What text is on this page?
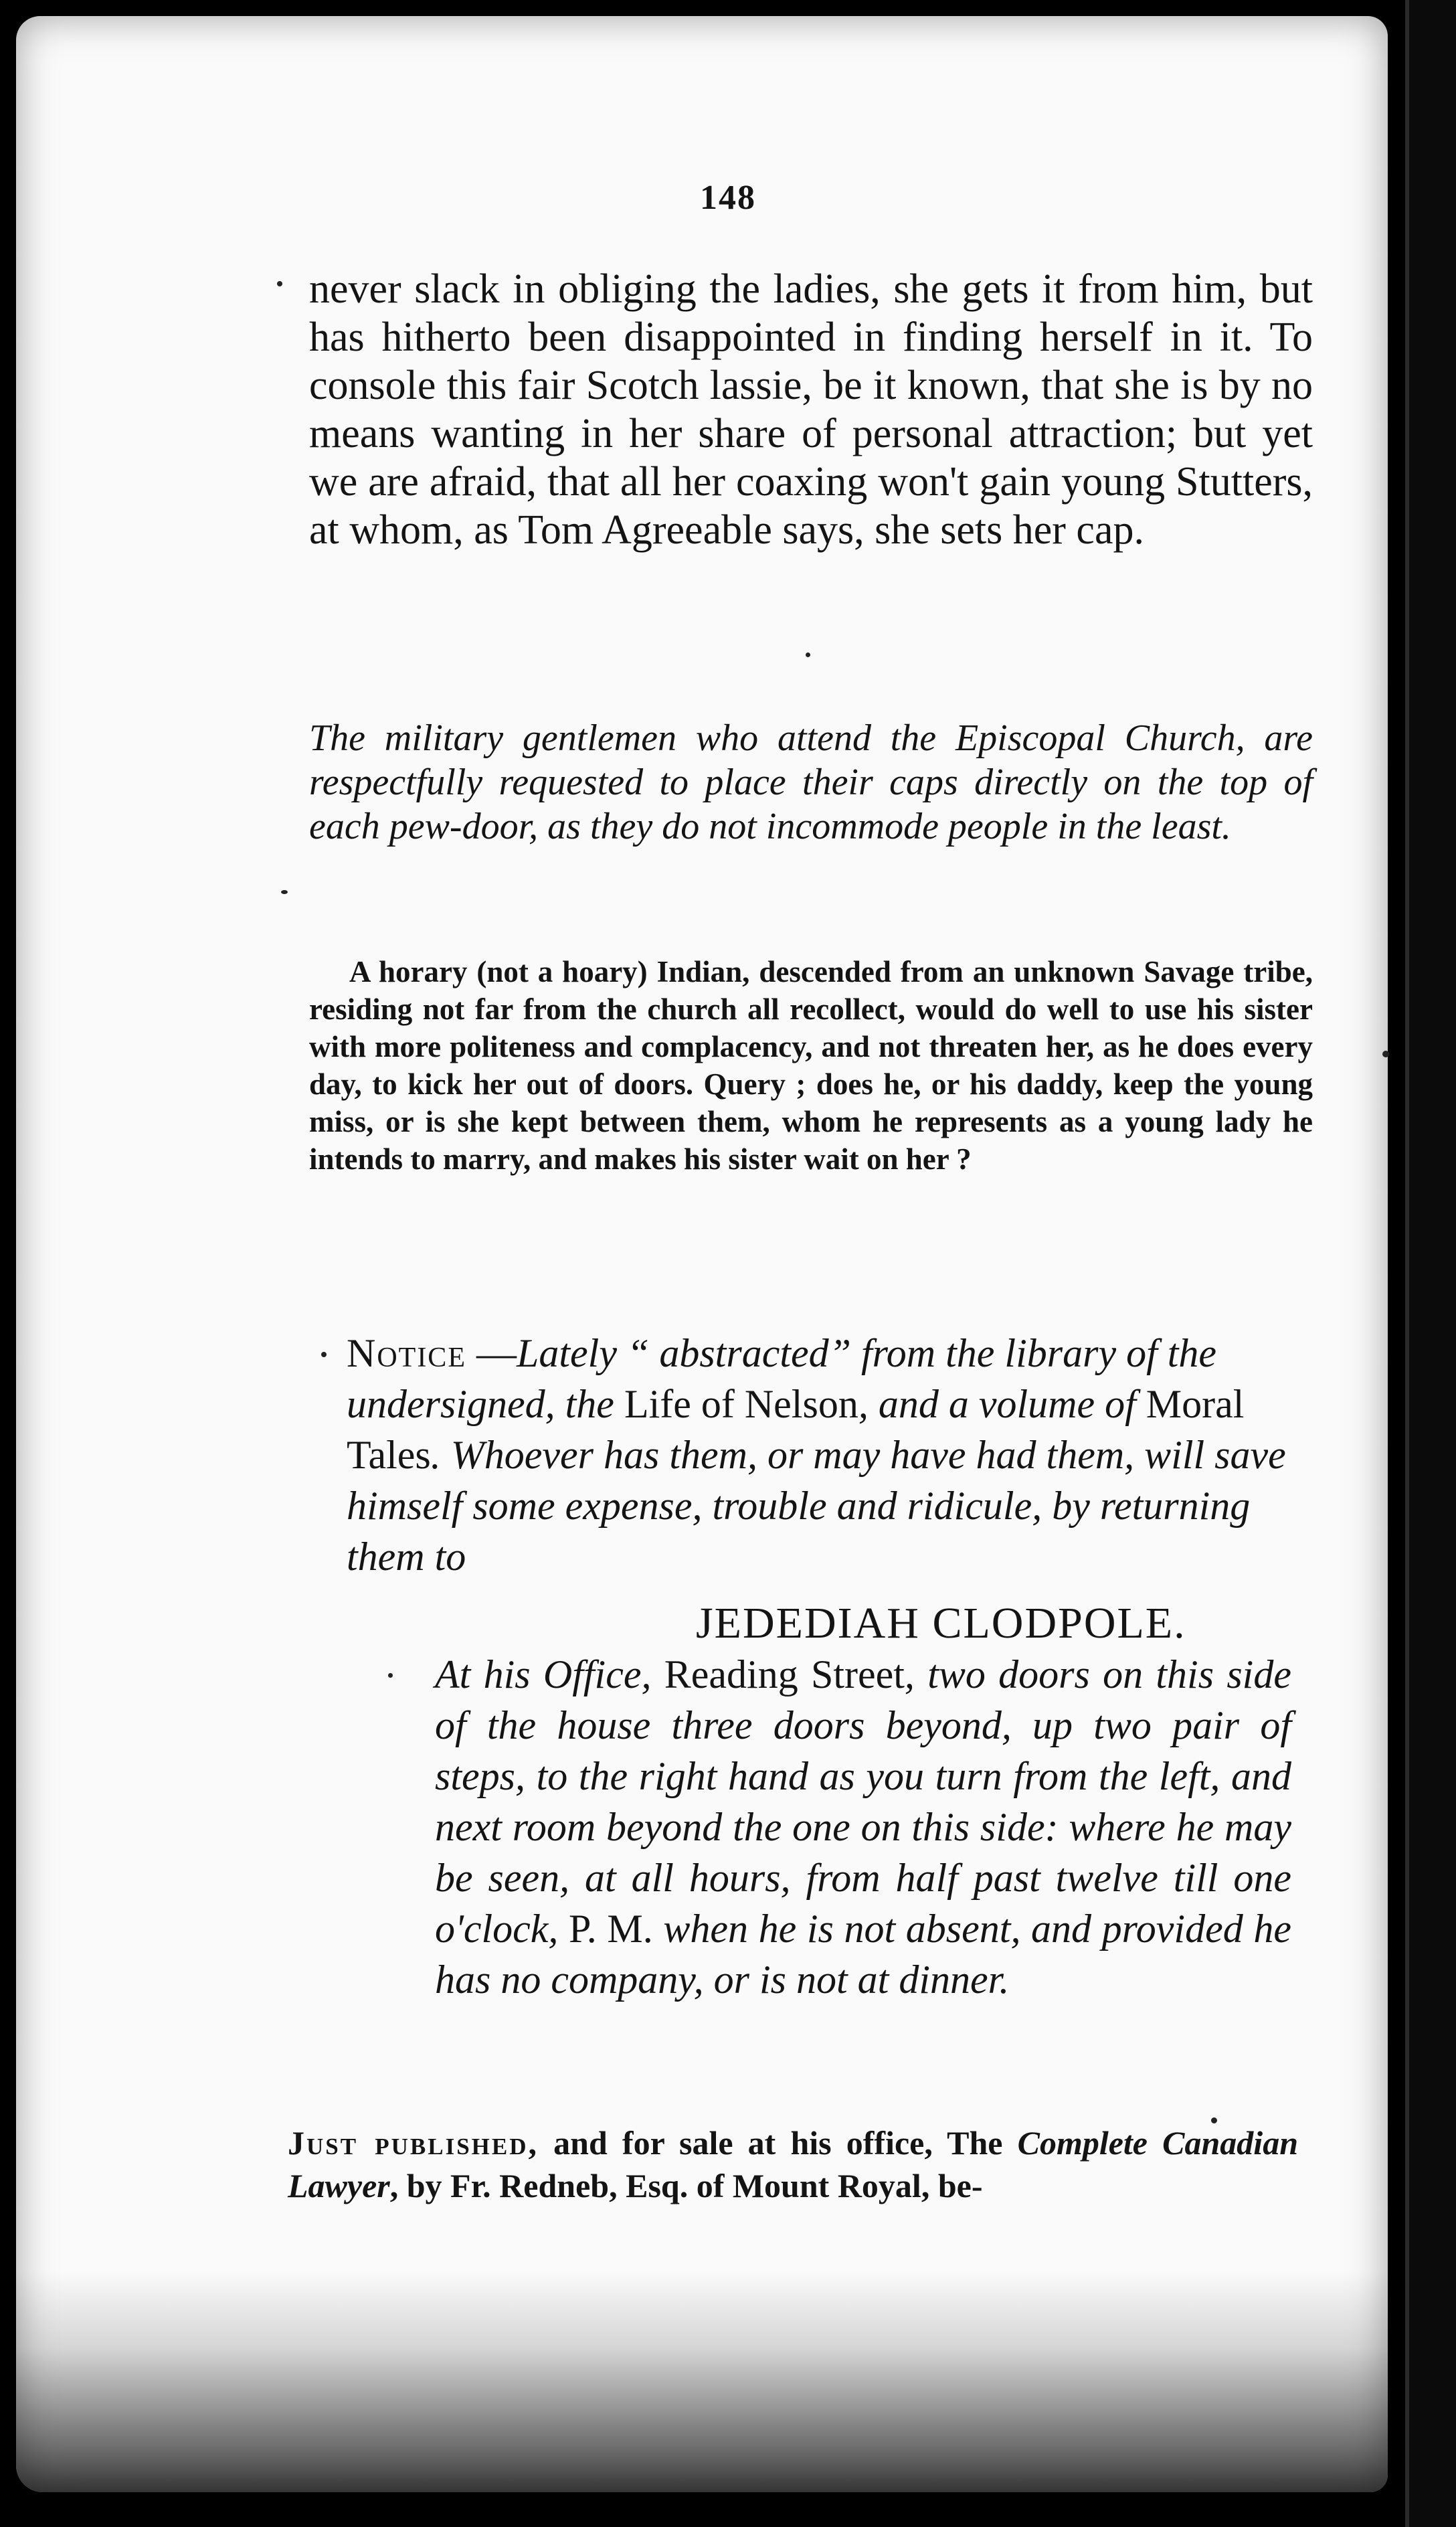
148
never slack in obliging the ladies, she gets it from him, but has hitherto been disappointed in finding herself in it. To console this fair Scotch lassie, be it known, that she is by no means wanting in her share of personal attraction; but yet we are afraid, that all her coaxing won't gain young Stutters, at whom, as Tom Agreeable says, she sets her cap.
The military gentlemen who attend the Episcopal Church, are respectfully requested to place their caps directly on the top of each pew-door, as they do not incommode people in the least.
A horary (not a hoary) Indian, descended from an unknown Savage tribe, residing not far from the church all recollect, would do well to use his sister with more politeness and complacency, and not threaten her, as he does every day, to kick her out of doors. Query ; does he, or his daddy, keep the young miss, or is she kept between them, whom he represents as a young lady he intends to marry, and makes his sister wait on her ?
Notice —Lately “ abstracted” from the library of the undersigned, the Life of Nelson, and a volume of Moral Tales. Whoever has them, or may have had them, will save himself some expense, trouble and ridicule, by returning them to
JEDEDIAH CLODPOLE.
At his Office, Reading Street, two doors on this side of the house three doors beyond, up two pair of steps, to the right hand as you turn from the left, and next room beyond the one on this side: where he may be seen, at all hours, from half past twelve till one o'clock, P. M. when he is not absent, and provided he has no company, or is not at dinner.
Just published, and for sale at his office, The Complete Canadian Lawyer, by Fr. Redneb, Esq. of Mount Royal, be-
